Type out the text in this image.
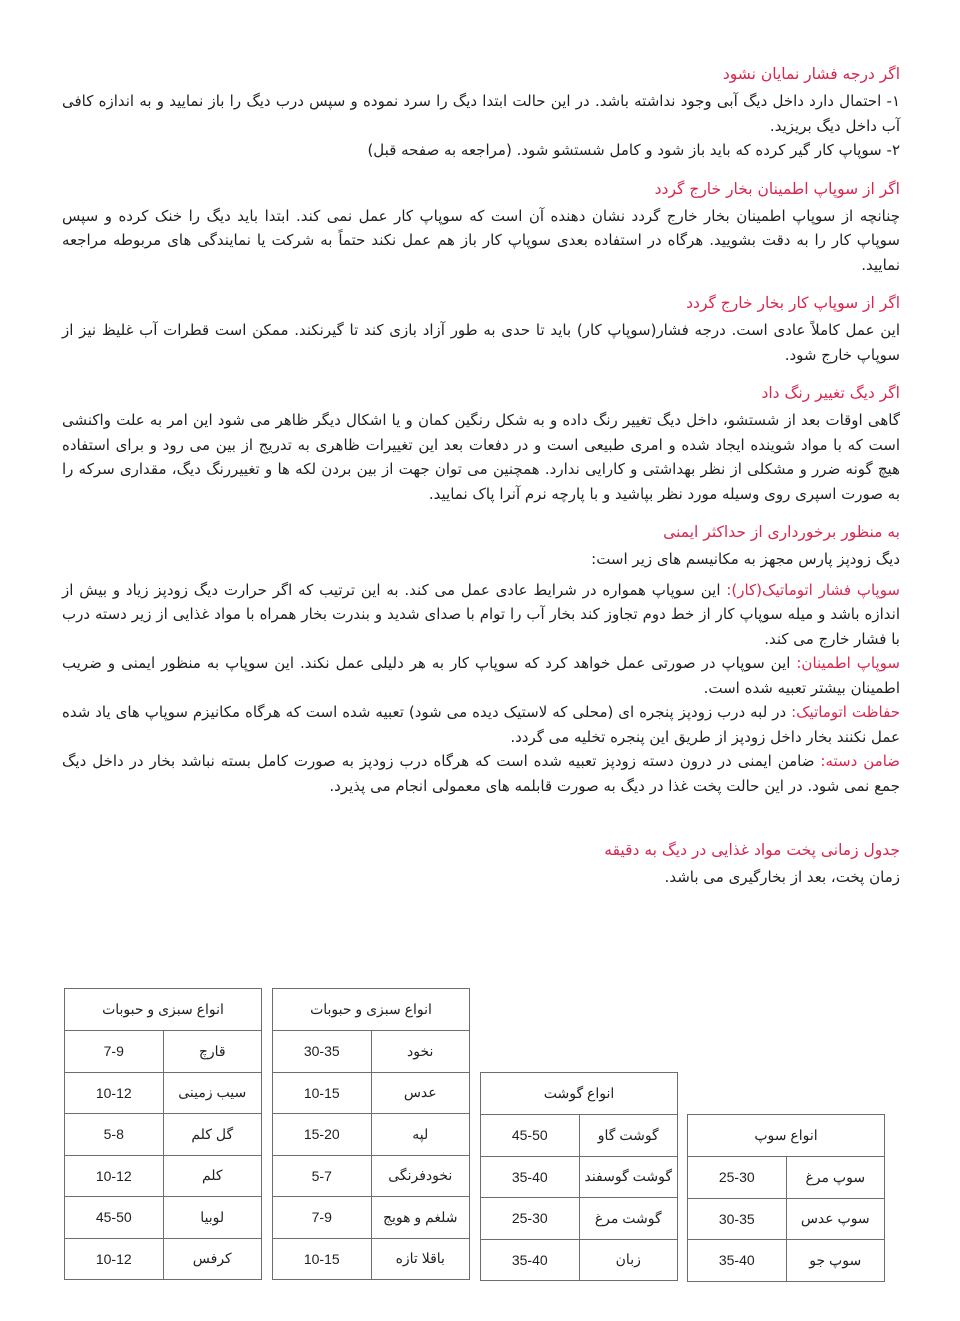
اگر درجه فشار نمایان نشود

۱- احتمال دارد داخل دیگ آبی وجود نداشته باشد. در این حالت ابتدا دیگ را سرد نموده و سپس درب دیگ را باز نمایید و به اندازه کافی آب داخل دیگ بریزید.

۲- سوپاپ کار گیر کرده که باید باز شود و کامل شستشو شود. (مراجعه به صفحه قبل)

اگر از سوپاپ اطمینان بخار خارج گردد

چنانچه از سوپاپ اطمینان بخار خارج گردد نشان دهنده آن است که سوپاپ کار عمل نمی کند. ابتدا باید دیگ را خنک کرده و سپس سوپاپ کار را به دقت بشویید. هرگاه در استفاده بعدی سوپاپ کار باز هم عمل نکند حتماً به شرکت یا نمایندگی های مربوطه مراجعه نمایید.

اگر از سوپاپ کار بخار خارج گردد

این عمل کاملاً عادی است. درجه فشار(سوپاپ کار) باید تا حدی به طور آزاد بازی کند تا گیرنکند. ممکن است قطرات آب غلیظ نیز از سوپاپ خارج شود.

اگر دیگ تغییر رنگ داد

گاهی اوقات بعد از شستشو، داخل دیگ تغییر رنگ داده و به شکل رنگین کمان و یا اشکال دیگر ظاهر می شود این امر به علت واکنشی است که با مواد شوینده ایجاد شده و امری طبیعی است و در دفعات بعد این تغییرات ظاهری به تدریج از بین می رود و برای استفاده هیچ گونه ضرر و مشکلی از نظر بهداشتی و کارایی ندارد. همچنین می توان جهت از بین بردن لکه ها و تغییررنگ دیگ، مقداری سرکه را به صورت اسپری روی وسیله مورد نظر بپاشید و با پارچه نرم آنرا پاک نمایید.

به منظور برخورداری از حداکثر ایمنی
دیگ زودپز پارس مجهز به مکانیسم های زیر است:

سوپاپ فشار اتوماتیک(کار): این سوپاپ همواره در شرایط عادی عمل می کند. به این ترتیب که اگر حرارت دیگ زودپز زیاد و بیش از اندازه باشد و میله سوپاپ کار از خط دوم تجاوز کند بخار آب را توام با صدای شدید و بندرت بخار همراه با مواد غذایی از زیر دسته درب با فشار خارج می کند.

سوپاپ اطمینان: این سوپاپ در صورتی عمل خواهد کرد که سوپاپ کار به هر دلیلی عمل نکند. این سوپاپ به منظور ایمنی و ضریب اطمینان بیشتر تعبیه شده است.

حفاظت اتوماتیک: در لبه درب زودپز پنجره ای (محلی که لاستیک دیده می شود) تعبیه شده است که هرگاه مکانیزم سوپاپ های یاد شده عمل نکنند بخار داخل زودپز از طریق این پنجره تخلیه می گردد.

ضامن دسته: ضامن ایمنی در درون دسته زودپز تعبیه شده است که هرگاه درب زودپز به صورت کامل بسته نباشد بخار در داخل دیگ جمع نمی شود. در این حالت پخت غذا در دیگ به صورت قابلمه های معمولی انجام می پذیرد.

جدول زمانی پخت مواد غذایی در دیگ به دقیقه
زمان پخت، بعد از بخارگیری می باشد.
انواع سوپ	
سوپ مرغ	25-30
سوپ عدس	30-35
سوپ جو	35-40
انواع گوشت	
گوشت گاو	45-50
گوشت گوسفند	35-40
گوشت مرغ	25-30
زبان	35-40
انواع سبزی و حبوبات	
نخود	30-35
عدس	10-15
لپه	15-20
نخودفرنگی	5-7
شلغم و هویج	7-9
باقلا تازه	10-15
انواع سبزی و حبوبات	
قارچ	7-9
سیب زمینی	10-12
گل کلم	5-8
کلم	10-12
لوبیا	45-50
کرفس	10-12
